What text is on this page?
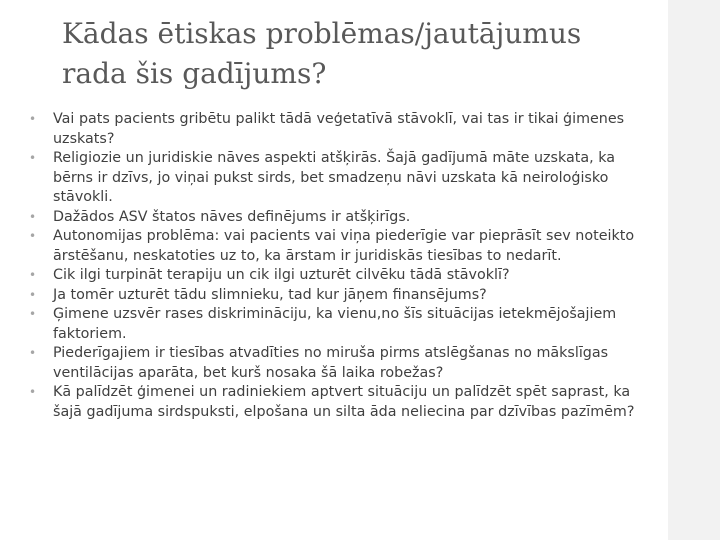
Kādas ētiskas problēmas/jautājumus
rada šis gadījums?
• Vai pats pacients gribētu palikt tādā veģetatīvā stāvoklī, vai tas ir tikai ģimenes uzskats?
• Religiozie un juridiskie nāves aspekti atšķirās. Šajā gadījumā māte uzskata, ka bērns ir dzīvs, jo viņai pukst sirds, bet smadzeņu nāvi uzskata kā neiroloģisko stāvokli.
• Dažādos ASV štatos nāves definējums ir atšķirīgs.
• Autonomijas problēma: vai pacients vai viņa piederīgie var pieprāsīt sev noteikto ārstēšanu, neskatoties uz to, ka ārstam ir juridiskās tiesības to nedarīt.
• Cik ilgi turpināt terapiju un cik ilgi uzturēt cilvēku tādā stāvoklī?
• Ja tomēr uzturēt tādu slimnieku, tad kur jāņem finansējums?
• Ģimene uzsvēr rases diskrimināciju, ka vienu,no šīs situācijas ietekmējošajiem faktoriem.
• Piederīgajiem ir tiesības atvadīties no miruša pirms atslēgšanas no mākslīgas ventilācijas aparāta, bet kurš nosaka šā laika robežas?
• Kā palīdzēt ģimenei un radiniekiem aptvert situāciju un palīdzēt spēt saprast, ka šajā gadījuma sirdspuksti, elpošana un silta āda neliecina par dzīvības pazīmēm?
